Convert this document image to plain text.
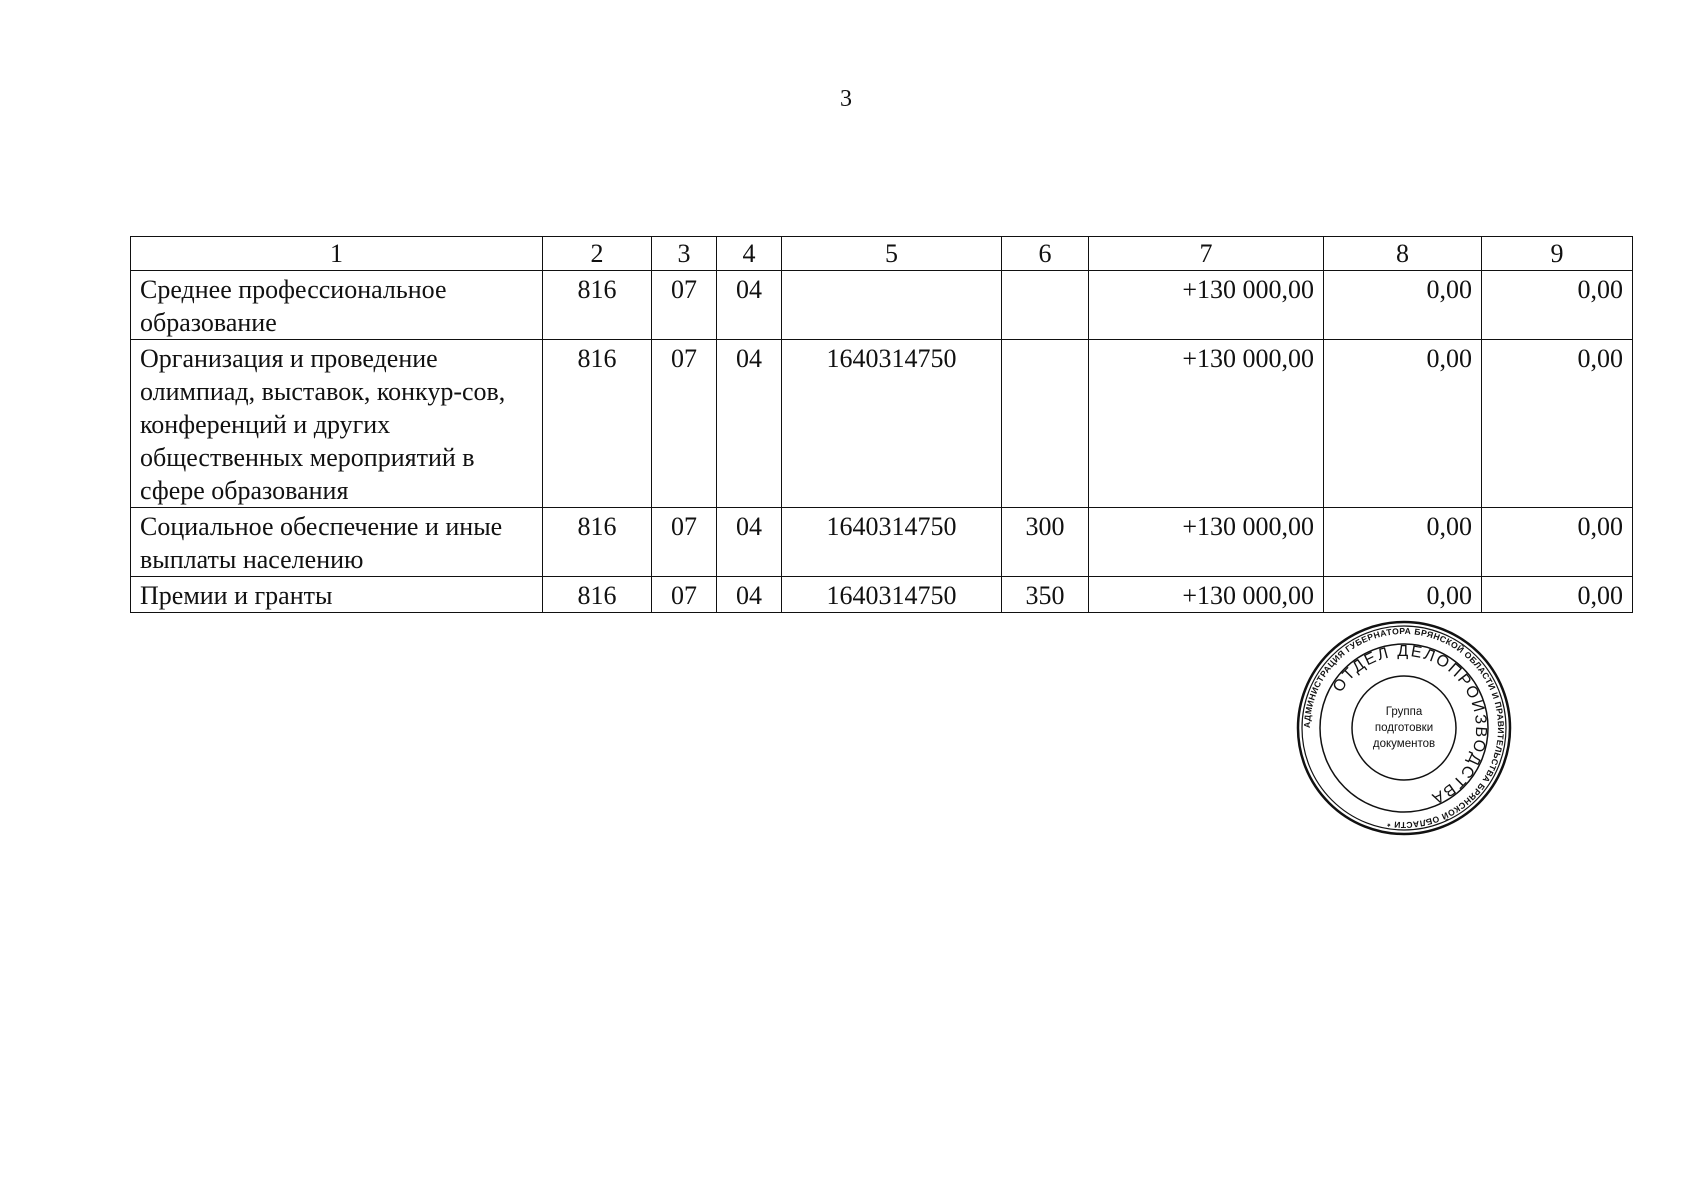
3
1	2	3	4	5	6	7	8	9
Среднее профессиональное образование	816	07	04			+130 000,00	0,00	0,00
Организация и проведение олимпиад, выставок, конкур-сов, конференций и других общественных мероприятий в сфере образования	816	07	04	1640314750		+130 000,00	0,00	0,00
Социальное обеспечение и иные выплаты населению	816	07	04	1640314750	300	+130 000,00	0,00	0,00
Премии и гранты	816	07	04	1640314750	350	+130 000,00	0,00	0,00
АДМИНИСТРАЦИЯ ГУБЕРНАТОРА БРЯНСКОЙ ОБЛАСТИ И ПРАВИТЕЛЬСТВА БРЯНСКОЙ ОБЛАСТИ *
ОТДЕЛ ДЕЛОПРОИЗВОДСТВА
Группа
подготовки
документов
